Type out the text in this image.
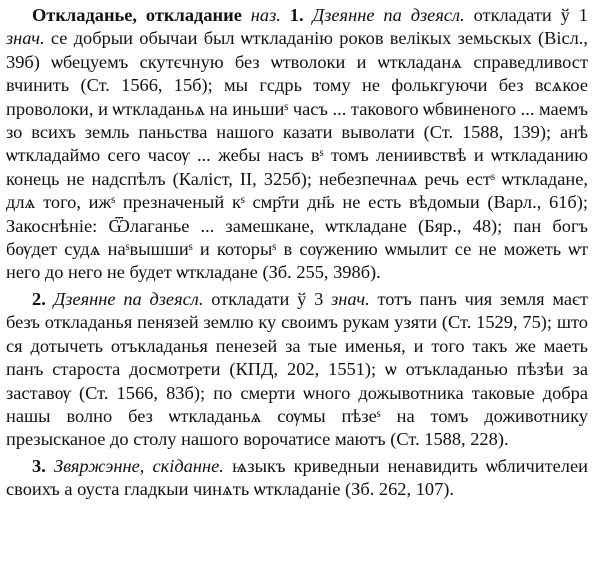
Откладанье, откладание наз. 1. Дзеянне па дзеясл. откладати ў 1 знач. се добрыи обычаи был ѡткладанію роков велікых земьскых (Вісл., 39б) ѡбецуемъ скутєчную без ѡтволоки и ѡткладанѧ справедливост вчинить (Ст. 1566, 15б); мы гсдрь тому не фолькгуючи без всѧкое проволоки, и ѡткладаньѧ на иньшиˢ часъ ... такового ѡбвиненого ... маемъ зо всихъ земль паньства нашого казати выволати (Ст. 1588, 139); анѣ ѡткладаймо сего часѹ ... жебы насъ вˢ томъ лениивствѣ и ѡткладанию конець не надспѣлъ (Каліст, II, 325б); небезпечнаѧ речь естˢ ѡткладане, длѧ того, ижˢ презначеный кˢ смр҃ти дн҃ь не есть вѣдомыи (Варл., 61б); Закоснѣніе: Ѿлаганье ... замешкане, ѡткладане (Бяр., 48); пан богъ бѹдет судѧ наˢвышшиˢ и которыˢ в сѹжению ѡмылит се не можеть ѡт него до него не будет ѡткладане (Зб. 255, 398б).

2. Дзеянне па дзеясл. откладати ў 3 знач. тотъ панъ чия земля маєт безъ откладанья пенязей землю ку своимъ рукам узяти (Ст. 1529, 75); што ся дотычеть отъкладанья пенезей за тые именья, и того такъ же маеть панъ староста досмотрети (КПД, 202, 1551); ѡ отъкладанью пѣзѣи за заставѹ (Ст. 1566, 83б); по смерти ѡного дожывотника таковые добра нашы волно без ѡткладаньѧ сѹмы пѣзеˢ на томъ доживотнику презысканое до столу нашого ворочатисе маютъ (Ст. 1588, 228).

3. Звяржэнне, скіданне. ѩзыкъ криведныи ненавидить ѡбличителеи своихъ а оуста гладкыи чинѧть ѡткладаніе (Зб. 262, 107).
